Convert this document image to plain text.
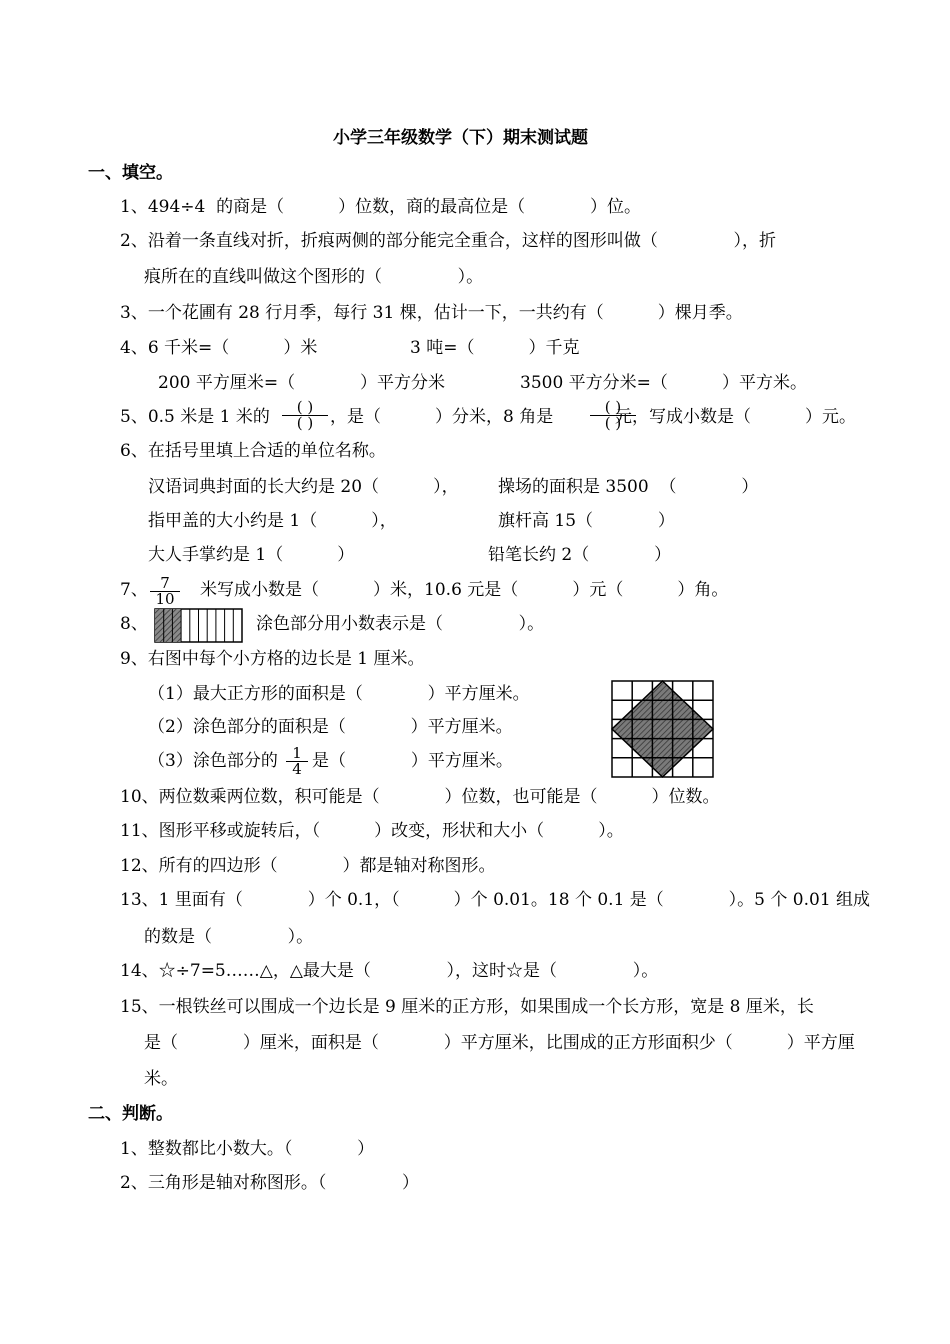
小学三年级数学（下）期末测试题
一、填空。
1、494÷4  的商是（          ）位数，商的最高位是（            ）位。
2、沿着一条直线对折，折痕两侧的部分能完全重合，这样的图形叫做（              ），折
痕所在的直线叫做这个图形的（              ）。
3、一个花圃有 28 行月季，每行 31 棵，估计一下，一共约有（          ）棵月季。
4、6 千米=（          ）米	3 吨=（          ）千克
200 平方厘米=（            ）平方分米	3500 平方分米=（          ）平方米。
5、0.5 米是 1 米的	( )
( ) ，是（          ）分米，8 角是	( )
( )
元，写成小数是（          ）元。
6、在括号里填上合适的单位名称。
汉语词典封面的长大约是 20（          ）， 操场的面积是 3500  （            ）
指甲盖的大小约是 1（          ），	旗杆高 15（            ）
大人手掌约是 1（          ）	铅笔长约 2（            ）
7、 $\frac{7}{10}$ 米写成小数是（          ）米，10.6 元是（          ）元（          ）角。
8、	涂色部分用小数表示是（              ）。
9、右图中每个小方格的边长是 1 厘米。
（1）最大正方形的面积是（            ）平方厘米。
（2）涂色部分的面积是（            ）平方厘米。
（3）涂色部分的 $\frac{1}{4}$ 是（            ）平方厘米。
10、两位数乘两位数，积可能是（            ）位数，也可能是（          ）位数。
11、图形平移或旋转后，（          ）改变，形状和大小（          ）。
12、所有的四边形（            ）都是轴对称图形。
13、1 里面有（            ）个 0.1，（          ）个 0.01。18 个 0.1 是（            ）。5 个 0.01 组成
的数是（              ）。
14、☆÷7=5……△，△最大是（              ），这时☆是（              ）。
15、一根铁丝可以围成一个边长是 9 厘米的正方形，如果围成一个长方形，宽是 8 厘米，长
是（            ）厘米，面积是（            ）平方厘米，比围成的正方形面积少（          ）平方厘
米。
二、判断。
1、整数都比小数大。（            ）
2、三角形是轴对称图形。（              ）
